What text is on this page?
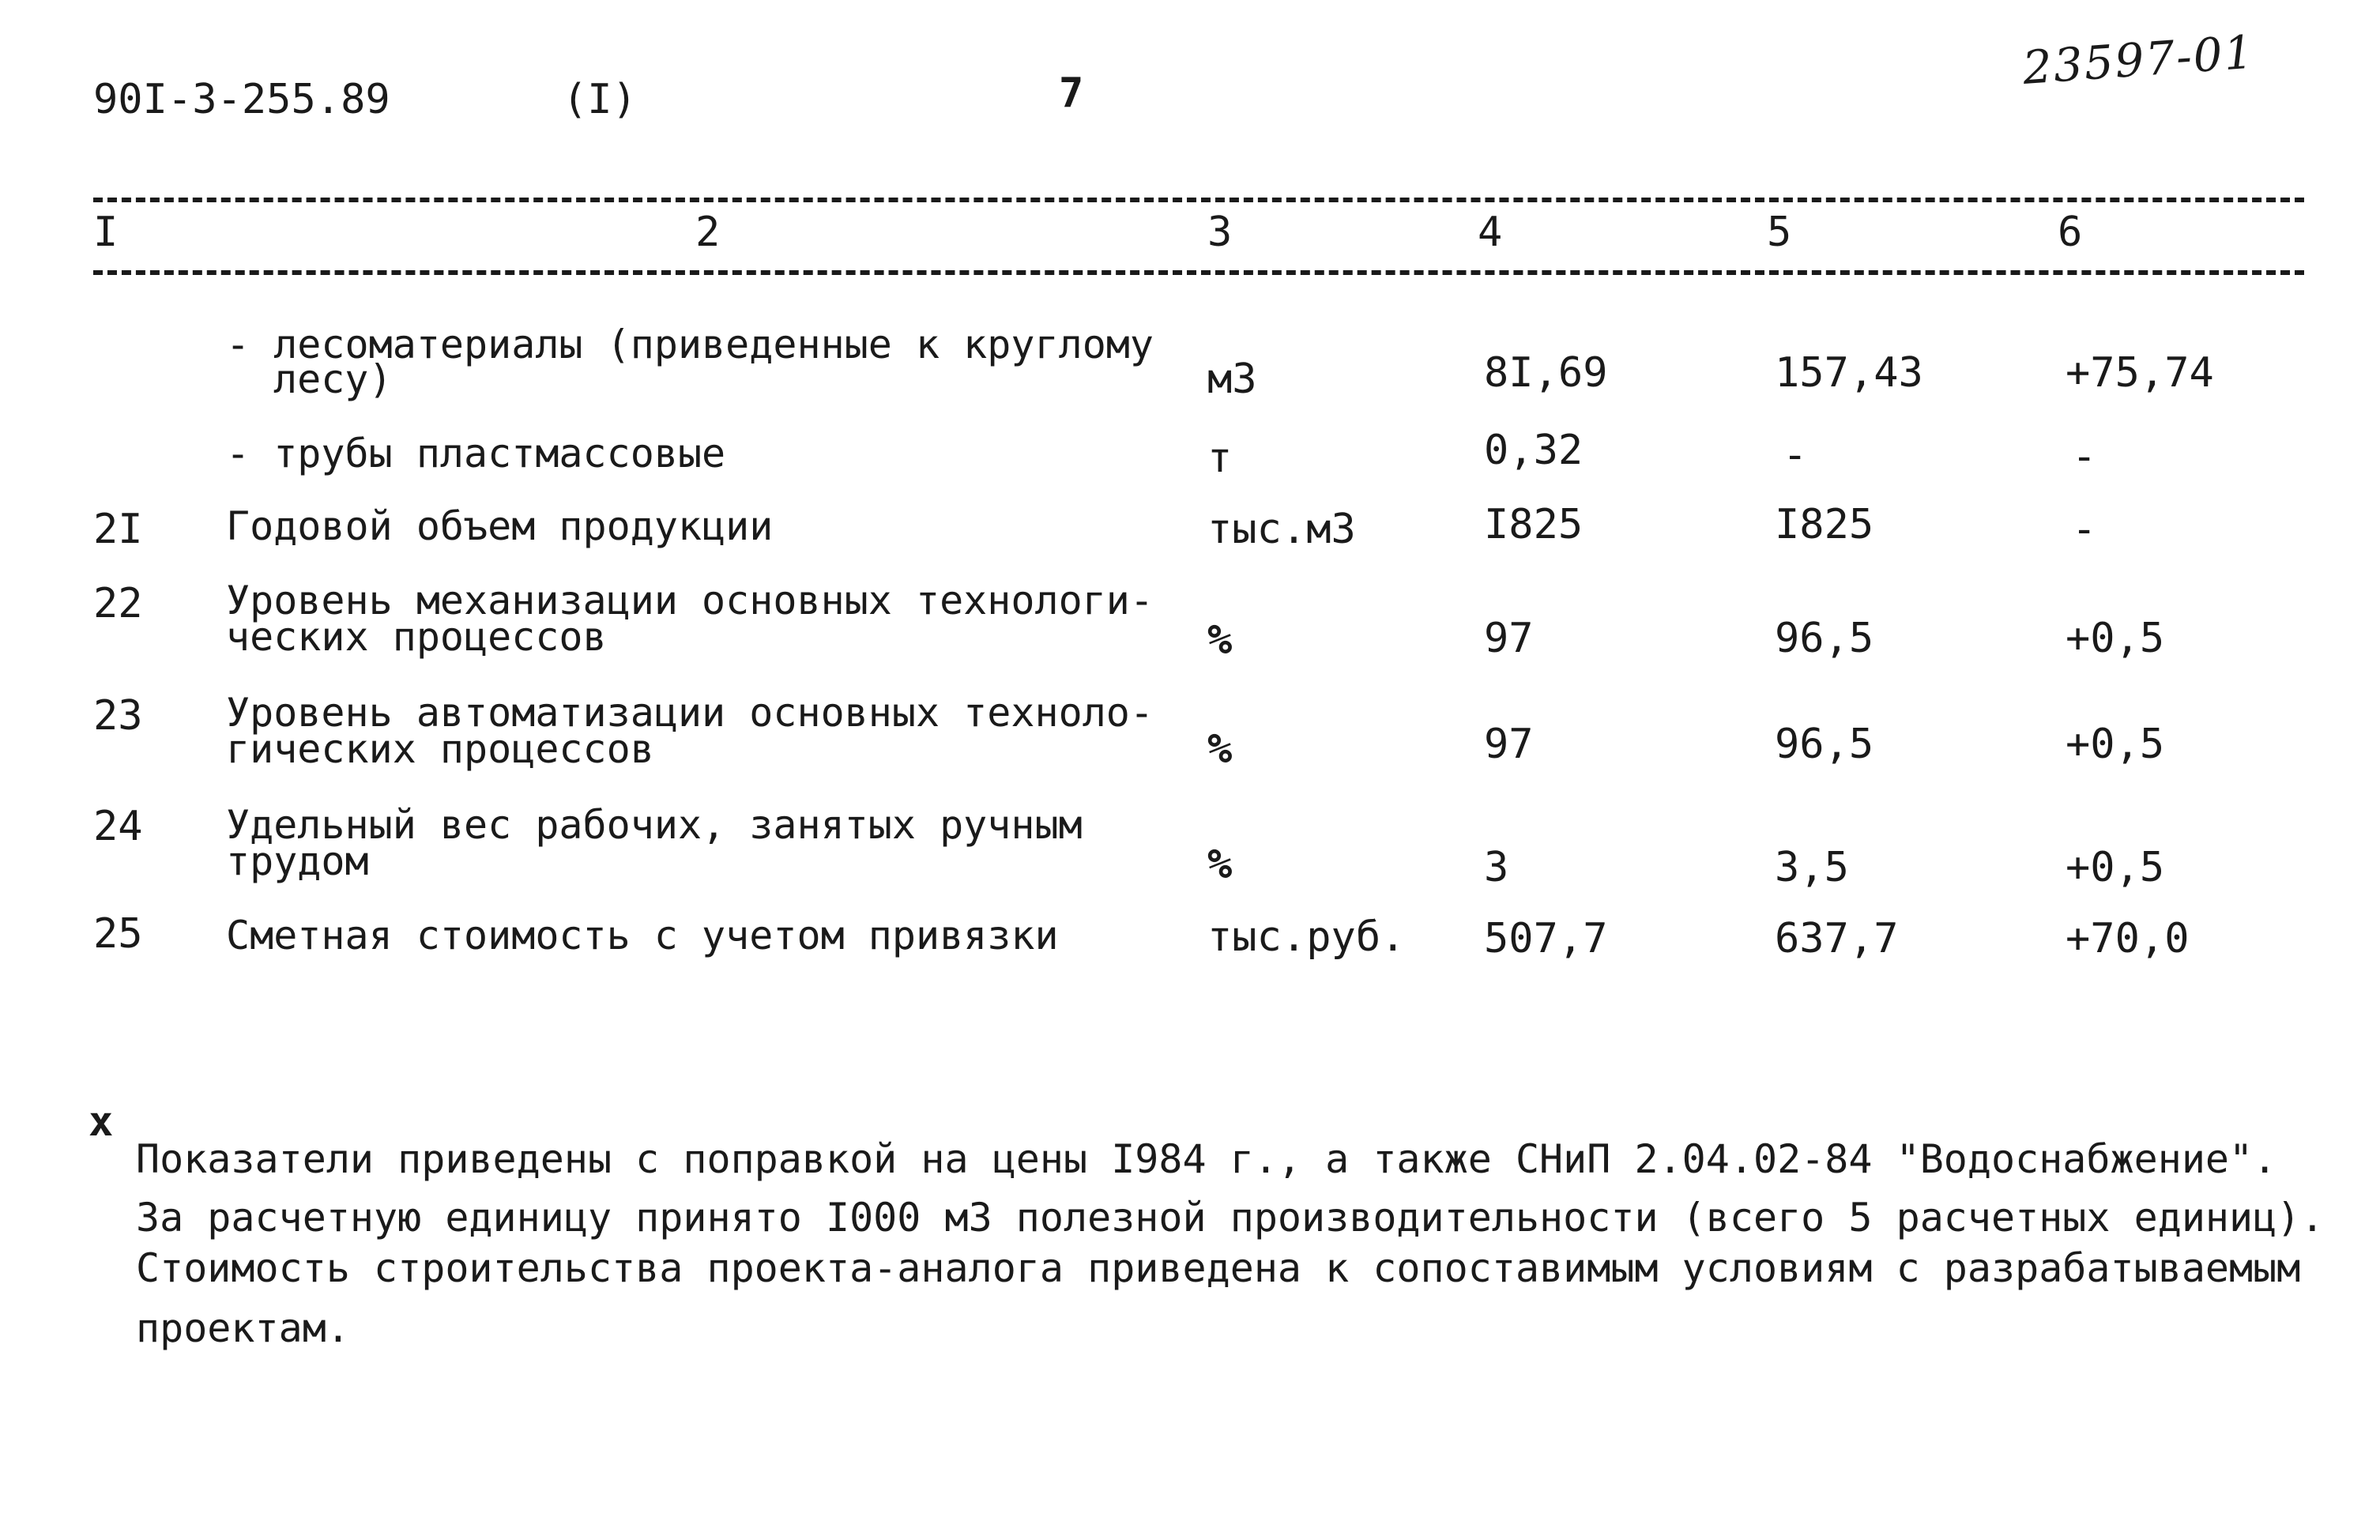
90I-3-255.89	(I)	7	23597-01
I	2	3	4	5	6
- лесоматериалы (приведенные к круглому
лесу)	м3	8I,69	157,43	+75,74
- трубы пластмассовые	т	0,32	-	-
2I Годовой объем продукции	тыс.м3	I825	I825	-
22 Уровень механизации основных технологи-
ческих процессов	%	97	96,5	+0,5
23 Уровень автоматизации основных техноло-
гических процессов	%	97	96,5	+0,5
24 Удельный вес рабочих, занятых ручным
трудом	%	3	3,5	+0,5
25 Сметная стоимость с учетом привязки	тыс.руб. 507,7	637,7	+70,0
х
Показатели приведены с поправкой на цены I984 г., а также СНиП 2.04.02-84 "Водоснабжение".
За расчетную единицу принято I000 м3 полезной производительности (всего 5 расчетных единиц).
Стоимость строительства проекта-аналога приведена к сопоставимым условиям с разрабатываемым
проектам.
